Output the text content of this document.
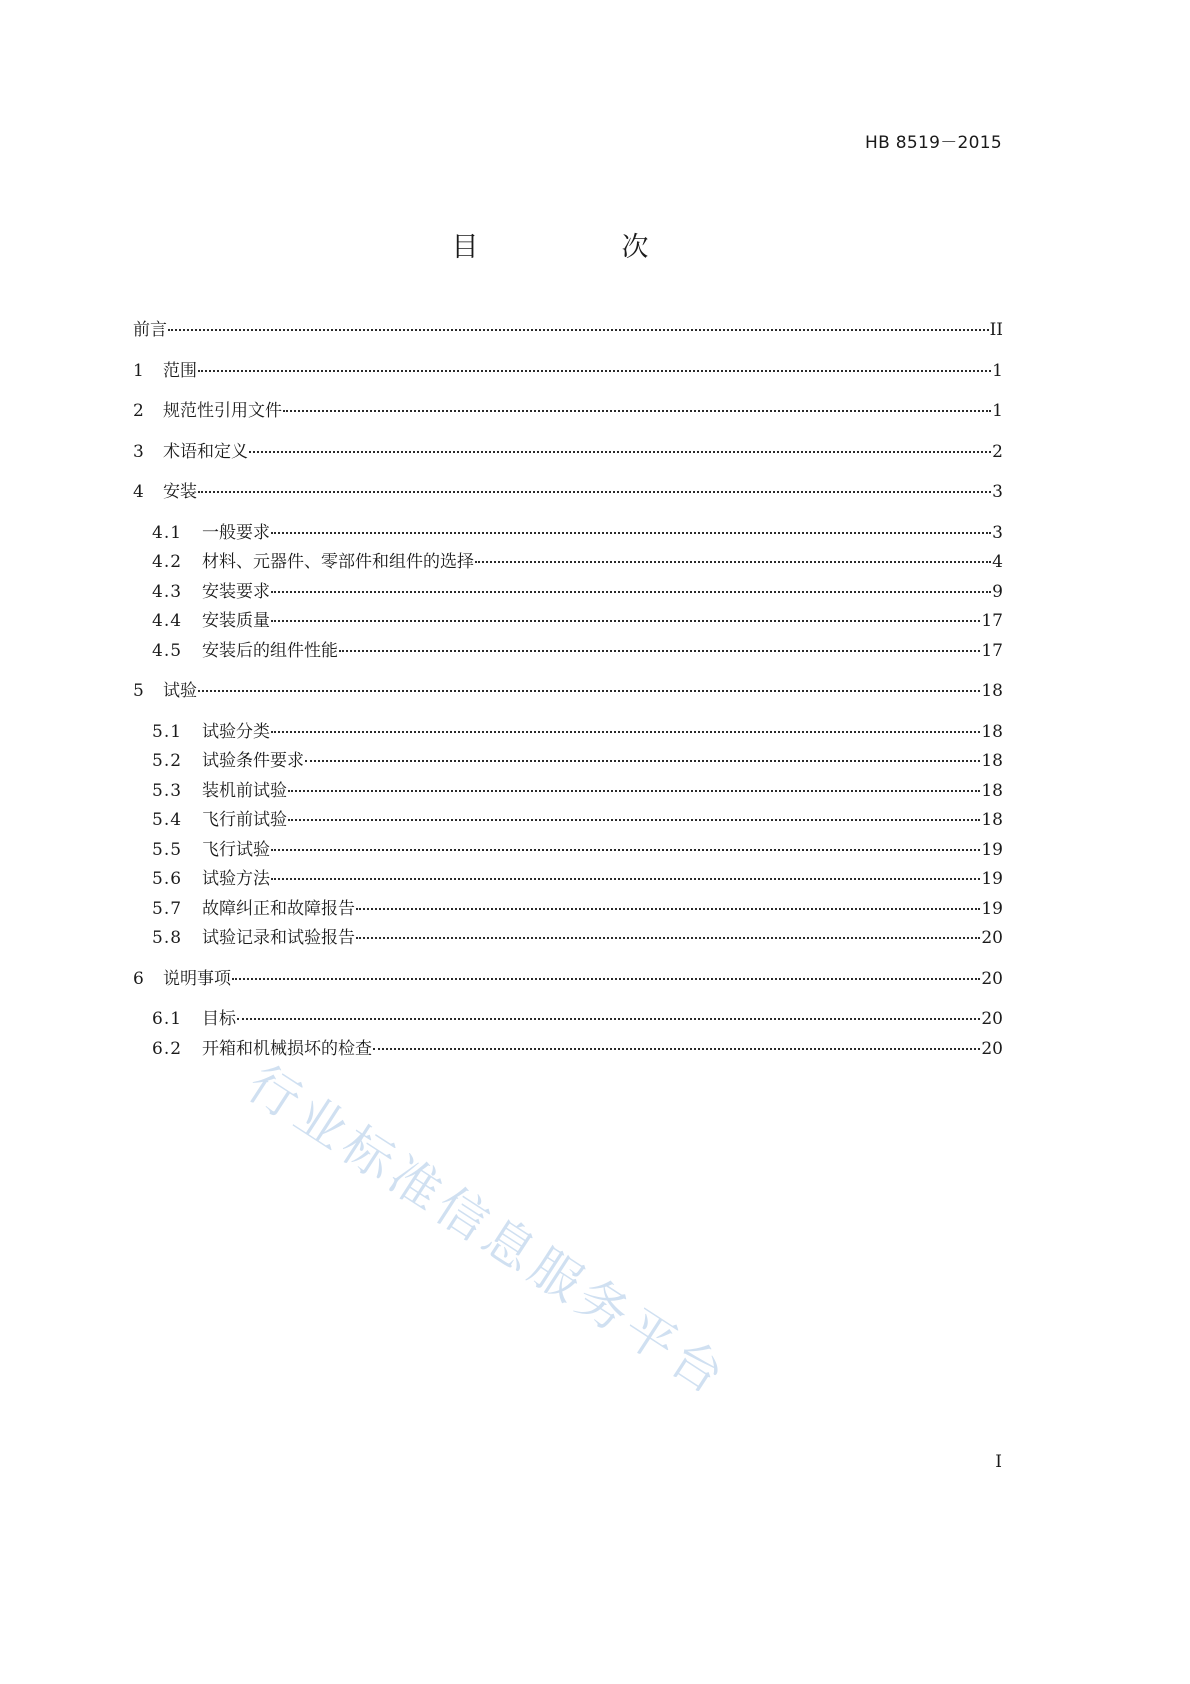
HB 8519－2015
目　次
前言	II
1	范围	1
2	规范性引用文件	1
3	术语和定义	2
4	安装	3
4.1	一般要求	3
4.2	材料、元器件、零部件和组件的选择	4
4.3	安装要求	9
4.4	安装质量	17
4.5	安装后的组件性能	17
5	试验	18
5.1	试验分类	18
5.2	试验条件要求	18
5.3	装机前试验	18
5.4	飞行前试验	18
5.5	飞行试验	19
5.6	试验方法	19
5.7	故障纠正和故障报告	19
5.8	试验记录和试验报告	20
6	说明事项	20
6.1	目标	20
6.2	开箱和机械损坏的检查	20
行业标准信息服务平台
I
